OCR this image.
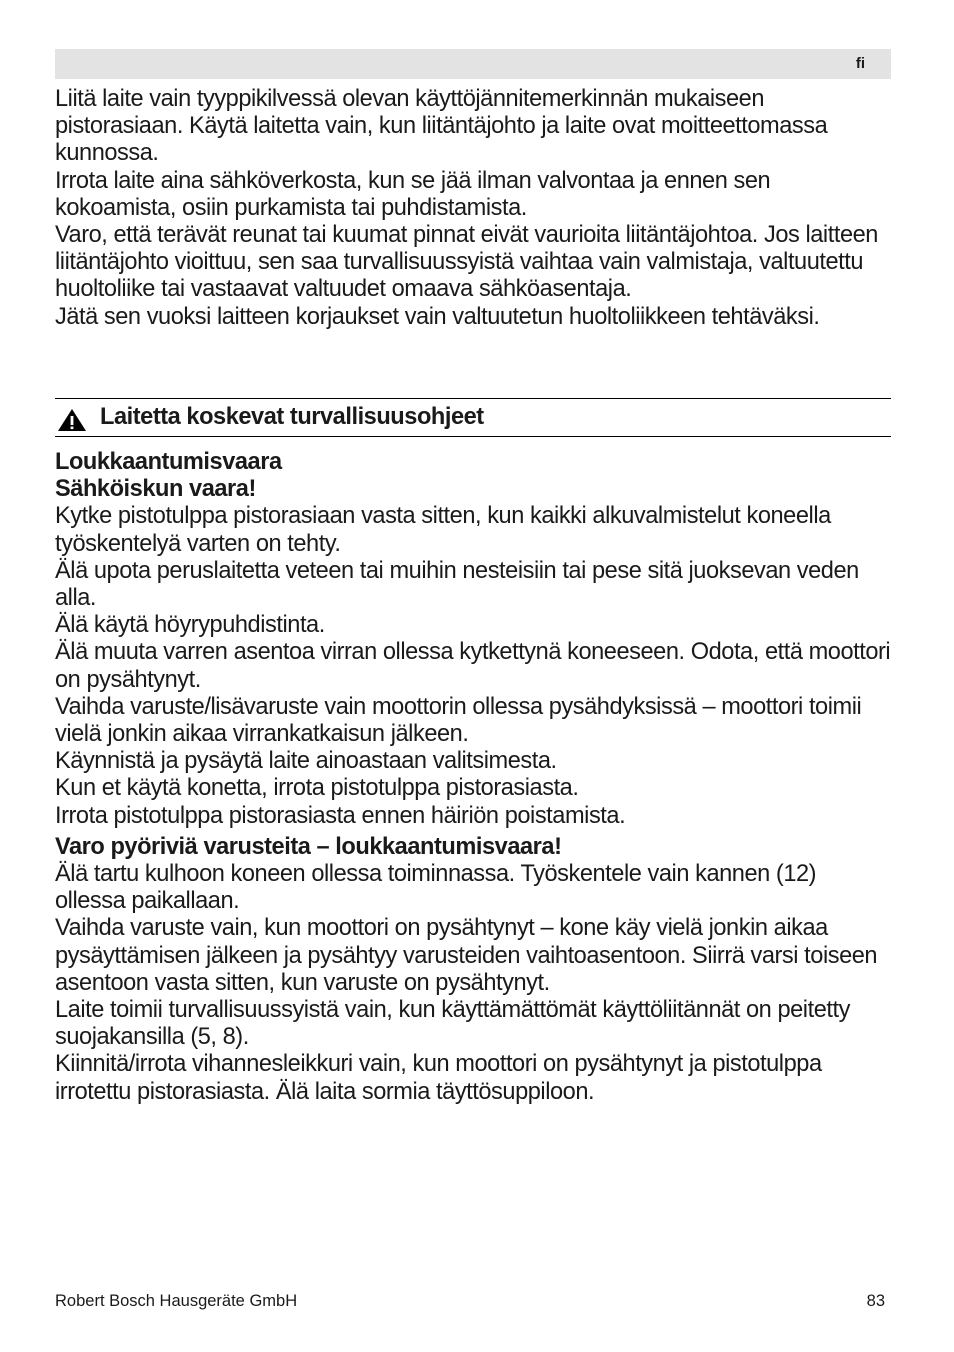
fi

Liitä laite vain tyyppikilvessä olevan käyttöjännitemerkinnän mukaiseen pistorasiaan. Käytä laitetta vain, kun liitäntäjohto ja laite ovat moitteettomassa kunnossa.

Irrota laite aina sähköverkosta, kun se jää ilman valvontaa ja ennen sen kokoamista, osiin purkamista tai puhdistamista.

Varo, että terävät reunat tai kuumat pinnat eivät vaurioita liitäntäjohtoa. Jos laitteen liitäntäjohto vioittuu, sen saa turvallisuussyistä vaihtaa vain valmistaja, valtuutettu huoltoliike tai vastaavat valtuudet omaava sähköasentaja.

Jätä sen vuoksi laitteen korjaukset vain valtuutetun huoltoliikkeen tehtäväksi.

Laitetta koskevat turvallisuusohjeet

Loukkaantumisvaara

Sähköiskun vaara!

Kytke pistotulppa pistorasiaan vasta sitten, kun kaikki alkuvalmistelut koneella työskentelyä varten on tehty.

Älä upota peruslaitetta veteen tai muihin nesteisiin tai pese sitä juoksevan veden alla.

Älä käytä höyrypuhdistinta.

Älä muuta varren asentoa virran ollessa kytkettynä koneeseen. Odota, että moottori on pysähtynyt.

Vaihda varuste/lisävaruste vain moottorin ollessa pysähdyksissä – moottori toimii vielä jonkin aikaa virrankatkaisun jälkeen.

Käynnistä ja pysäytä laite ainoastaan valitsimesta.

Kun et käytä konetta, irrota pistotulppa pistorasiasta.

Irrota pistotulppa pistorasiasta ennen häiriön poistamista.

Varo pyöriviä varusteita – loukkaantumisvaara!

Älä tartu kulhoon koneen ollessa toiminnassa. Työskentele vain kannen (12) ollessa paikallaan.

Vaihda varuste vain, kun moottori on pysähtynyt – kone käy vielä jonkin aikaa pysäyttämisen jälkeen ja pysähtyy varusteiden vaihtoasentoon. Siirrä varsi toiseen asentoon vasta sitten, kun varuste on pysähtynyt.

Laite toimii turvallisuussyistä vain, kun käyttämättömät käyttöliitännät on peitetty suojakansilla (5, 8).

Kiinnitä/irrota vihannesleikkuri vain, kun moottori on pysähtynyt ja pistotulppa irrotettu pistorasiasta. Älä laita sormia täyttösuppiloon.

Robert Bosch Hausgeräte GmbH	83
